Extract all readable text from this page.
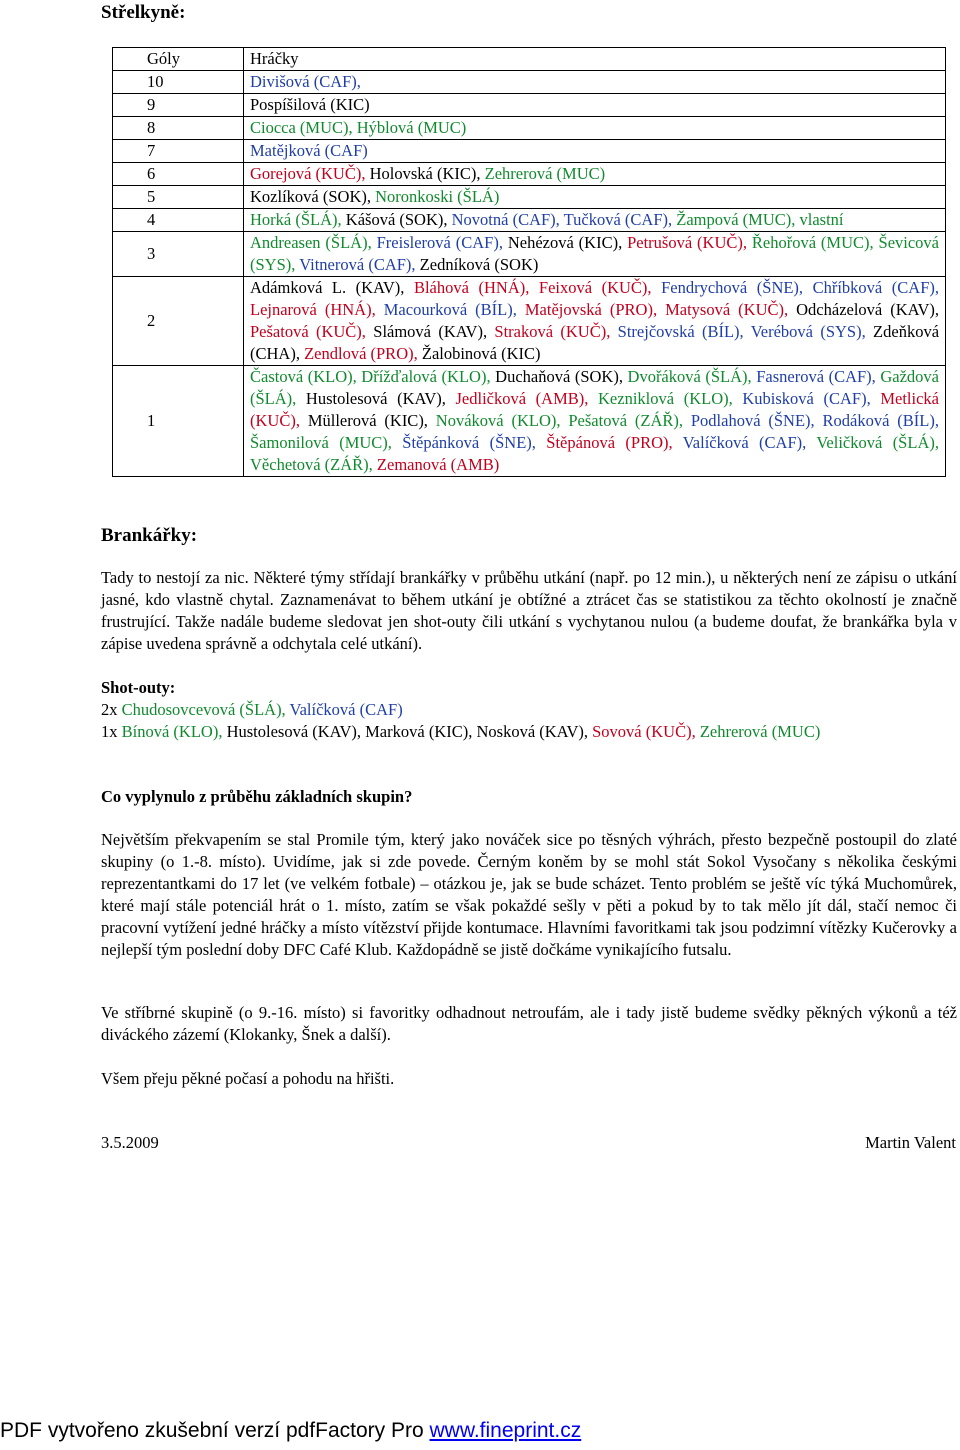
Střelkyně:
Góly	Hráčky
10	Divišová (CAF),
9	Pospíšilová (KIC)
8	Ciocca (MUC), Hýblová (MUC)
7	Matějková (CAF)
6	Gorejová (KUČ), Holovská (KIC), Zehrerová (MUC)
5	Kozlíková (SOK), Noronkoski (ŠLÁ)
4	Horká (ŠLÁ), Kášová (SOK), Novotná (CAF), Tučková (CAF), Žampová (MUC), vlastní
3	Andreasen (ŠLÁ), Freislerová (CAF), Nehézová (KIC), Petrušová (KUČ), Řehořová (MUC), Ševicová (SYS), Vitnerová (CAF), Zedníková (SOK)
2	Adámková L. (KAV), Bláhová (HNÁ), Feixová (KUČ), Fendrychová (ŠNE), Chříbková (CAF), Lejnarová (HNÁ), Macourková (BÍL), Matějovská (PRO), Matysová (KUČ), Odcházelová (KAV), Pešatová (KUČ), Slámová (KAV), Straková (KUČ), Strejčovská (BÍL), Verébová (SYS), Zdeňková (CHA), Zendlová (PRO), Žalobinová (KIC)
1	Častová (KLO), Dřížďalová (KLO), Duchaňová (SOK), Dvořáková (ŠLÁ), Fasnerová (CAF), Gaždová (ŠLÁ), Hustolesová (KAV), Jedličková (AMB), Kezniklová (KLO), Kubisková (CAF), Metlická (KUČ), Müllerová (KIC), Nováková (KLO), Pešatová (ZÁŘ), Podlahová (ŠNE), Rodáková (BÍL), Šamonilová (MUC), Štěpánková (ŠNE), Štěpánová (PRO), Valíčková (CAF), Veličková (ŠLÁ), Věchetová (ZÁŘ), Zemanová (AMB)
Brankářky:

Tady to nestojí za nic. Některé týmy střídají brankářky v průběhu utkání (např. po 12 min.), u některých není ze zápisu o utkání jasné, kdo vlastně chytal. Zaznamenávat to během utkání je obtížné a ztrácet čas se statistikou za těchto okolností je značně frustrující. Takže nadále budeme sledovat jen shot-outy čili utkání s vychytanou nulou (a budeme doufat, že brankářka byla v zápise uvedena správně a odchytala celé utkání).

Shot-outy:
2x Chudosovcevová (ŠLÁ), Valíčková (CAF)
1x Bínová (KLO), Hustolesová (KAV), Marková (KIC), Nosková (KAV), Sovová (KUČ), Zehrerová (MUC)

Co vyplynulo z průběhu základních skupin?

Největším překvapením se stal Promile tým, který jako nováček sice po těsných výhrách, přesto bezpečně postoupil do zlaté skupiny (o 1.-8. místo). Uvidíme, jak si zde povede. Černým koněm by se mohl stát Sokol Vysočany s několika českými reprezentantkami do 17 let (ve velkém fotbale) – otázkou je, jak se bude scházet. Tento problém se ještě víc týká Muchomůrek, které mají stále potenciál hrát o 1. místo, zatím se však pokaždé sešly v pěti a pokud by to tak mělo jít dál, stačí nemoc či pracovní vytížení jedné hráčky a místo vítězství přijde kontumace. Hlavními favoritkami tak jsou podzimní vítězky Kučerovky a nejlepší tým poslední doby DFC Café Klub. Každopádně se jistě dočkáme vynikajícího futsalu.

Ve stříbrné skupině (o 9.-16. místo) si favoritky odhadnout netroufám, ale i tady jistě budeme svědky pěkných výkonů a též diváckého zázemí (Klokanky, Šnek a další).

Všem přeju pěkné počasí a pohodu na hřišti.

3.5.2009	Martin Valent
PDF vytvořeno zkušební verzí pdfFactory Pro www.fineprint.cz
